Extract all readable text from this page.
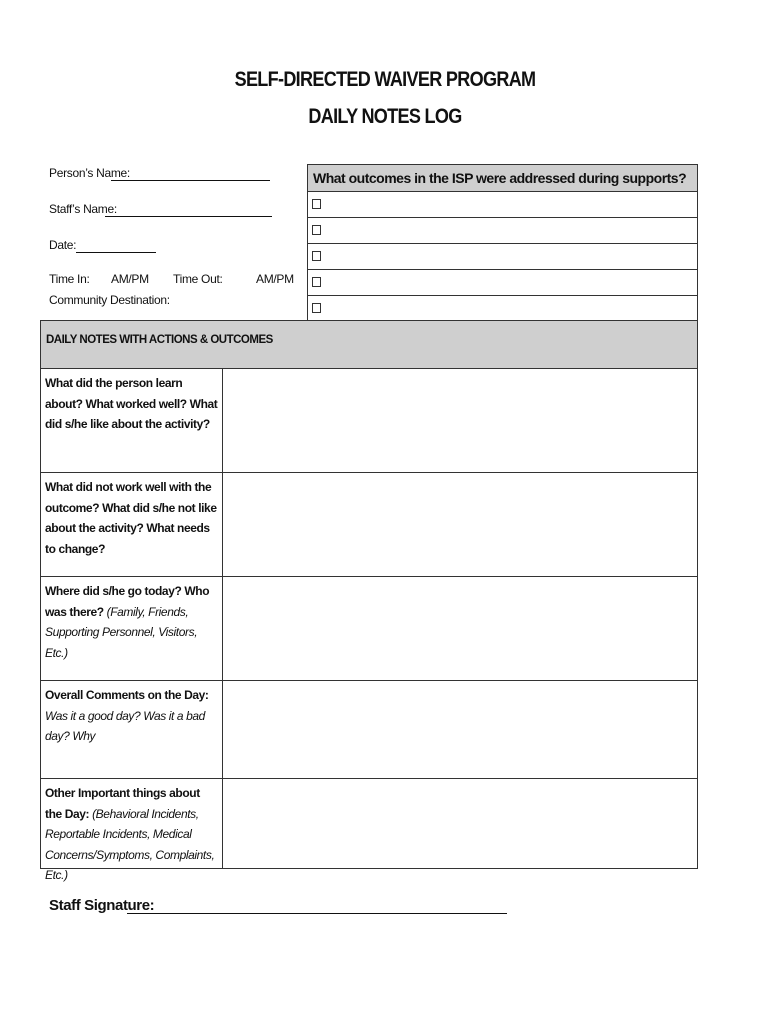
SELF-DIRECTED WAIVER PROGRAM
DAILY NOTES LOG
Person’s Name:
Staff’s Name:
Date:
Time In: AM/PM Time Out:	AM/PM
Community Destination:
What outcomes in the ISP were addressed during supports?
DAILY NOTES WITH ACTIONS & OUTCOMES
What did the person learn about? What worked well? What did s/he like about the activity?
What did not work well with the outcome? What did s/he not like about the activity? What needs to change?
Where did s/he go today? Who was there? (Family, Friends, Supporting Personnel, Visitors, Etc.)
Overall Comments on the Day: Was it a good day? Was it a bad day? Why
Other Important things about the Day: (Behavioral Incidents, Reportable Incidents, Medical Concerns/Symptoms, Complaints, Etc.)
Staff Signature:
